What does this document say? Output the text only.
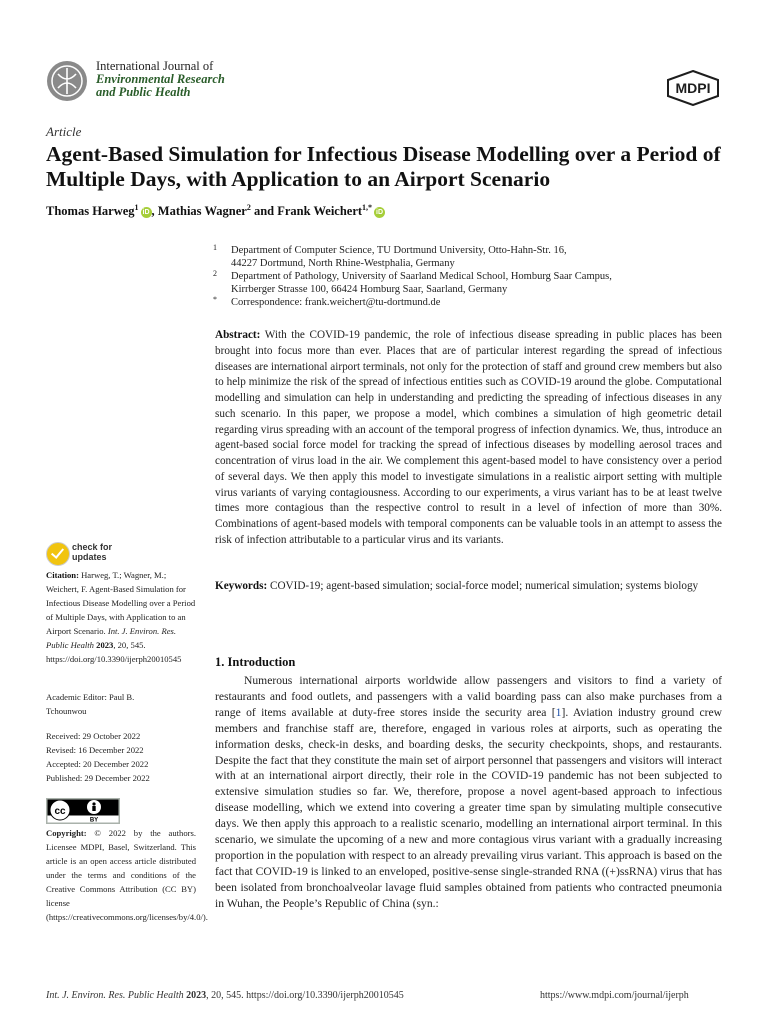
International Journal of
Environmental Research
and Public Health	MDPI
Article
Agent-Based Simulation for Infectious Disease Modelling over a Period of Multiple Days, with Application to an Airport Scenario
Thomas Harweg$^1$iD , Mathias Wagner$^2$ and Frank Weichert$^{1,*}$iD
1 Department of Computer Science, TU Dortmund University, Otto-Hahn-Str. 16,
44227 Dortmund, North Rhine-Westphalia, Germany
2 Department of Pathology, University of Saarland Medical School, Homburg Saar Campus,
Kirrberger Strasse 100, 66424 Homburg Saar, Saarland, Germany
* Correspondence: frank.weichert@tu-dortmund.de
Abstract: With the COVID-19 pandemic, the role of infectious disease spreading in public places has been brought into focus more than ever. Places that are of particular interest regarding the spread of infectious diseases are international airport terminals, not only for the protection of staff and ground crew members but also to help minimize the risk of the spread of infectious entities such as COVID-19 around the globe. Computational modelling and simulation can help in understanding and predicting the spreading of infectious diseases in any such scenario. In this paper, we propose a model, which combines a simulation of high geometric detail regarding virus spreading with an account of the temporal progress of infection dynamics. We, thus, introduce an agent-based social force model for tracking the spread of infectious diseases by modelling aerosol traces and concentration of virus load in the air. We complement this agent-based model to have consistency over a period of several days. We then apply this model to investigate simulations in a realistic airport setting with multiple virus variants of varying contagiousness. According to our experiments, a virus variant has to be at least twelve times more contagious than the respective control to result in a level of infection of more than 30%. Combinations of agent-based models with temporal components can be valuable tools in an attempt to assess the risk of infection attributable to a particular virus and its variants.
Keywords: COVID-19; agent-based simulation; social-force model; numerical simulation; systems biology
check for
updates
Citation: Harweg, T.; Wagner, M.; Weichert, F. Agent-Based Simulation for Infectious Disease Modelling over a Period of Multiple Days, with Application to an Airport Scenario. Int. J. Environ. Res. Public Health 2023, 20, 545. https://doi.org/10.3390/ijerph20010545
Academic Editor: Paul B.
Tchounwou
Received: 29 October 2022
Revised: 16 December 2022
Accepted: 20 December 2022
Published: 29 December 2022
cc
BY
Copyright: © 2022 by the authors. Licensee MDPI, Basel, Switzerland. This article is an open access article distributed under the terms and conditions of the Creative Commons Attribution (CC BY) license (https://creativecommons.org/licenses/by/4.0/).
1. Introduction
Numerous international airports worldwide allow passengers and visitors to find a variety of restaurants and food outlets, and passengers with a valid boarding pass can also make purchases from a range of items available at duty-free stores inside the security area [1]. Aviation industry ground crew members and franchise staff are, therefore, engaged in various roles at airports, such as operating the information desks, check-in desks, and boarding desks, the security checkpoints, shops, and restaurants. Despite the fact that they constitute the main set of airport personnel that passengers and visitors will interact with at an international airport directly, their role in the COVID-19 pandemic has not been subjected to extensive simulation studies so far. We, therefore, propose a novel agent-based approach to infectious disease modelling, which we extend into covering a greater time span by simulating multiple consecutive days. We then apply this approach to a realistic scenario, modelling an international airport terminal. In this scenario, we simulate the upcoming of a new and more contagious virus variant with a gradually increasing proportion in the population with respect to an already prevailing virus variant. This approach is based on the fact that COVID-19 is linked to an enveloped, positive-sense single-stranded RNA ((+)ssRNA) virus that has been isolated from bronchoalveolar lavage fluid samples obtained from patients who contracted pneumonia in Wuhan, the People’s Republic of China (syn.:
Int. J. Environ. Res. Public Health 2023, 20, 545. https://doi.org/10.3390/ijerph20010545	https://www.mdpi.com/journal/ijerph
